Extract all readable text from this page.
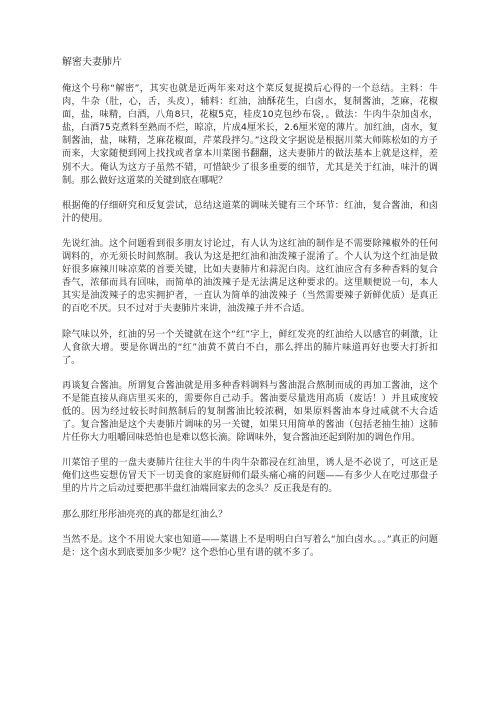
解密夫妻肺片

俺这个号称“解密”，其实也就是近两年来对这个菜反复捉摸后心得的一个总结。主料：牛肉，牛杂（肚，心，舌，头皮），辅料：红油，油酥花生，白卤水，复制酱油，芝麻，花椒面，盐，味精，白酒，八角8只，花椒5克，桂皮10克包纱布袋，。做法：牛肉牛杂加卤水，盐，白酒75克煮料至熟而不烂，晾凉，片成4厘米长，2.6厘米宽的薄片。加红油，卤水，复制酱油，盐，味精，芝麻花椒面，芹菜段拌匀。”这段文字据说是根据川菜大师陈松如的方子而来，大家随便到网上找找或者拿本川菜图书翻翻，这夫妻肺片的做法基本上就是这样，差别不大。俺认为这方子虽然不错，可惜缺少了很多重要的细节，尤其是关于红油，味汁的调制。那么做好这道菜的关键到底在哪呢？

根据俺的仔细研究和反复尝试，总结这道菜的调味关键有三个环节：红油，复合酱油，和卤汁的使用。

先说红油。这个问题看到很多朋友讨论过，有人认为这红油的制作是不需要除辣椒外的任何调料的，亦无须长时间熬制。我认为这是把红油和油泼辣子混淆了。个人认为这个红油是做好很多麻辣川味凉菜的首要关键，比如夫妻肺片和蒜泥白肉。这红油应含有多种香料的复合香气，浓郁而具有回味，而简单的油泼辣子是无法满足这种要求的。这里顺便说一句，本人其实是油泼辣子的忠实拥护者，一直认为简单的油泼辣子（当然需要辣子新鲜优质）是真正的百吃不厌。只不过对于夫妻肺片来讲，油泼辣子并不合适。

除气味以外，红油的另一个关键就在这个“红”字上，鲜红发亮的红油给人以感官的刺激，让人食欲大增。要是你调出的“红”油黄不黄白不白，那么拌出的肺片味道再好也要大打折扣了。

再谈复合酱油。所谓复合酱油就是用多种香料调料与酱油混合熬制而成的再加工酱油，这个不是能直接从商店里买来的，需要你自己动手。酱油要尽量选用高质（废话！）并且咸度较低的。因为经过较长时间熬制后的复制酱油比较浓稠，如果原料酱油本身过咸就不大合适了。复合酱油是这个夫妻肺片调味的另一关键，如果只用简单的酱油（包括老抽生抽）这肺片任你大力咀嚼回味恐怕也是难以悠长滴。除调味外，复合酱油还起到附加的调色作用。

川菜馆子里的一盘夫妻肺片往往大半的牛肉牛杂都浸在红油里，诱人是不必说了，可这正是俺们这些妄想仿冒天下一切美食的家庭厨师们最头痛心痛的问题——有多少人在吃过那盘子里的片片之后动过要把那半盘红油端回家去的念头？反正我是有的。

那么那红彤彤油亮亮的真的都是红油么？

当然不是。这个不用说大家也知道——菜谱上不是明明白白写着么“加白卤水。。。”真正的问题是：这个卤水到底要加多少呢？这个恐怕心里有谱的就不多了。
